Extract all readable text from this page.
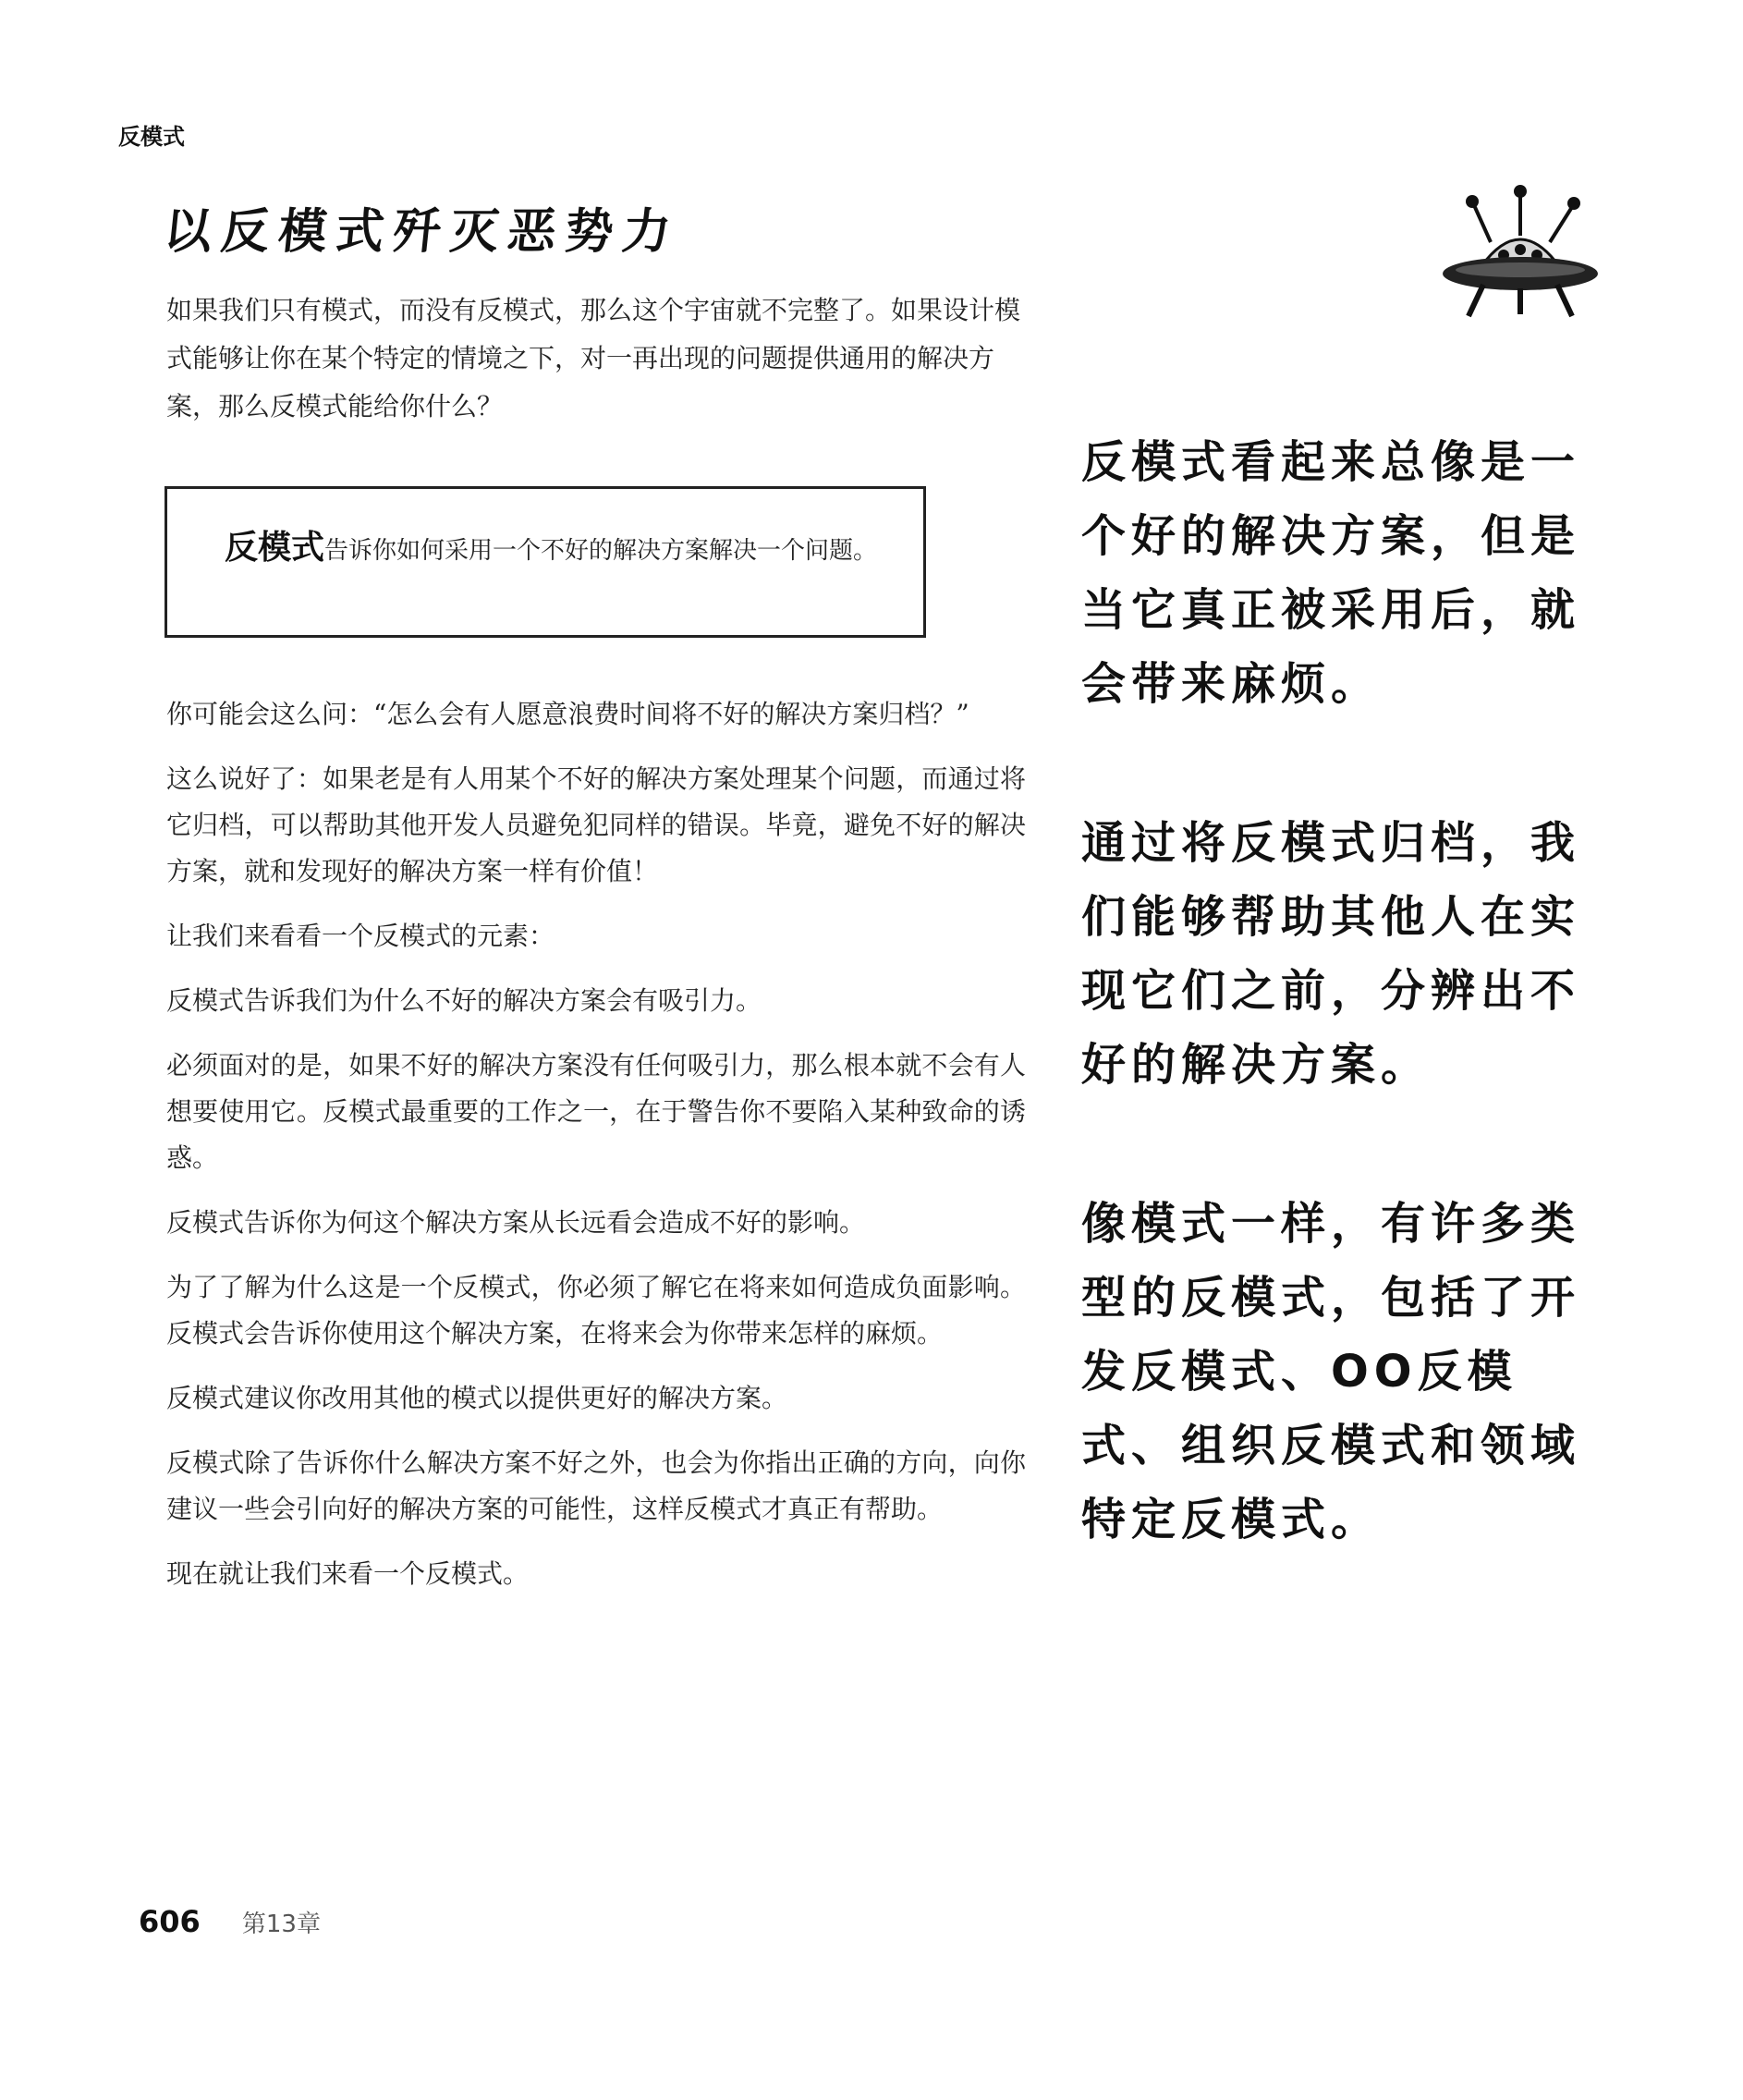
反模式
以反模式歼灭恶势力
如果我们只有模式，而没有反模式，那么这个宇宙就不完整了。如果设计模式能够让你在某个特定的情境之下，对一再出现的问题提供通用的解决方案，那么反模式能给你什么？
反模式告诉你如何采用一个不好的解决方案解决一个问题。

你可能会这么问：“怎么会有人愿意浪费时间将不好的解决方案归档？”

这么说好了：如果老是有人用某个不好的解决方案处理某个问题，而通过将它归档，可以帮助其他开发人员避免犯同样的错误。毕竟，避免不好的解决方案，就和发现好的解决方案一样有价值！

让我们来看看一个反模式的元素：

反模式告诉我们为什么不好的解决方案会有吸引力。

必须面对的是，如果不好的解决方案没有任何吸引力，那么根本就不会有人想要使用它。反模式最重要的工作之一，在于警告你不要陷入某种致命的诱惑。

反模式告诉你为何这个解决方案从长远看会造成不好的影响。

为了了解为什么这是一个反模式，你必须了解它在将来如何造成负面影响。反模式会告诉你使用这个解决方案，在将来会为你带来怎样的麻烦。

反模式建议你改用其他的模式以提供更好的解决方案。

反模式除了告诉你什么解决方案不好之外，也会为你指出正确的方向，向你建议一些会引向好的解决方案的可能性，这样反模式才真正有帮助。

现在就让我们来看一个反模式。

反模式看起来总像是一个好的解决方案，但是当它真正被采用后，就会带来麻烦。

通过将反模式归档，我们能够帮助其他人在实现它们之前，分辨出不好的解决方案。

像模式一样，有许多类型的反模式，包括了开发反模式、OO反模式、组织反模式和领域特定反模式。

606 第13章
